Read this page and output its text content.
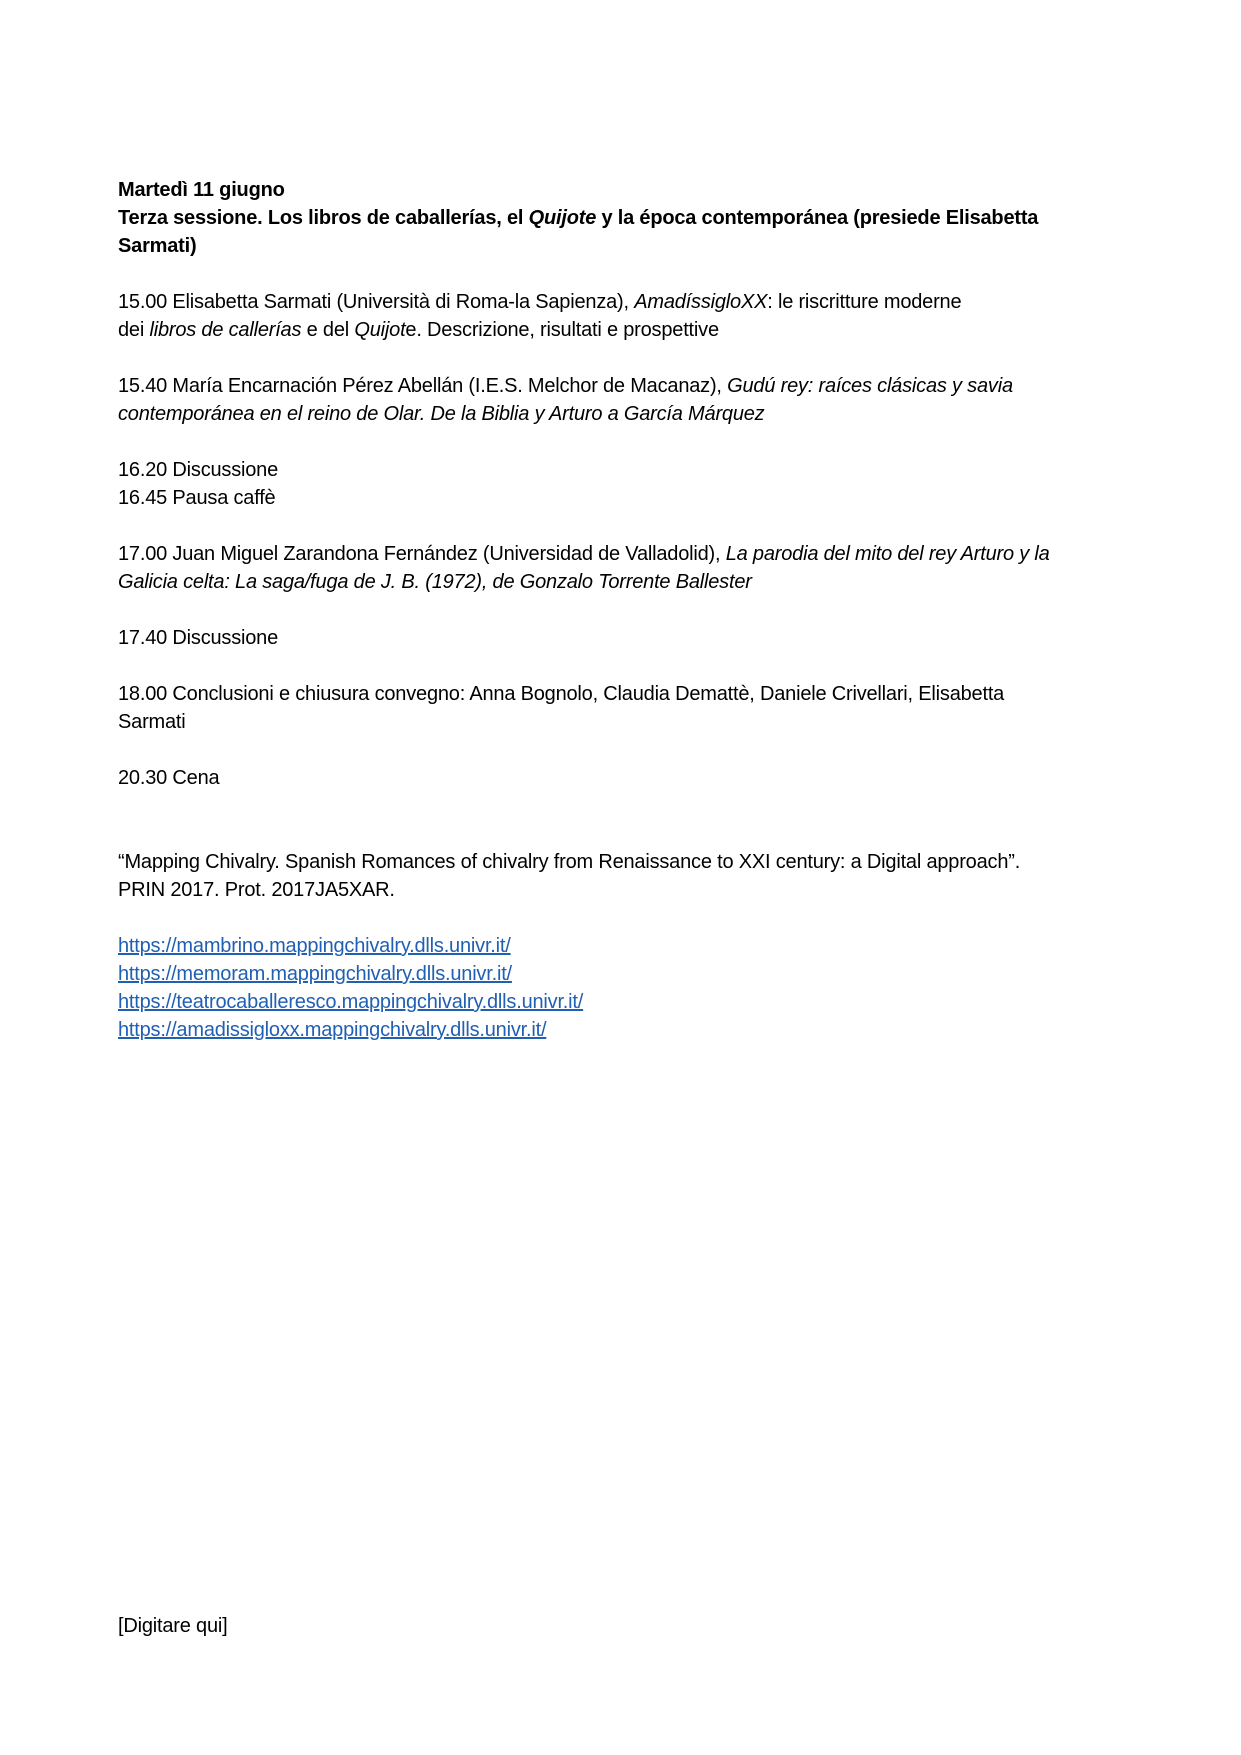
Martedì 11 giugno
Terza sessione. Los libros de caballerías, el Quijote y la época contemporánea (presiede Elisabetta
Sarmati)
15.00 Elisabetta Sarmati (Università di Roma-la Sapienza), AmadíssigloXX: le riscritture moderne
dei libros de callerías e del Quijote. Descrizione, risultati e prospettive
15.40 María Encarnación Pérez Abellán (I.E.S. Melchor de Macanaz), Gudú rey: raíces clásicas y savia
contemporánea en el reino de Olar. De la Biblia y Arturo a García Márquez
16.20 Discussione
16.45 Pausa caffè
17.00 Juan Miguel Zarandona Fernández (Universidad de Valladolid), La parodia del mito del rey Arturo y la
Galicia celta: La saga/fuga de J. B. (1972), de Gonzalo Torrente Ballester
17.40 Discussione
18.00 Conclusioni e chiusura convegno: Anna Bognolo, Claudia Demattè, Daniele Crivellari, Elisabetta
Sarmati
20.30 Cena
“Mapping Chivalry. Spanish Romances of chivalry from Renaissance to XXI century: a Digital approach”.
PRIN 2017. Prot. 2017JA5XAR.
https://mambrino.mappingchivalry.dlls.univr.it/
https://memoram.mappingchivalry.dlls.univr.it/
https://teatrocaballeresco.mappingchivalry.dlls.univr.it/
https://amadissigloxx.mappingchivalry.dlls.univr.it/
[Digitare qui]
